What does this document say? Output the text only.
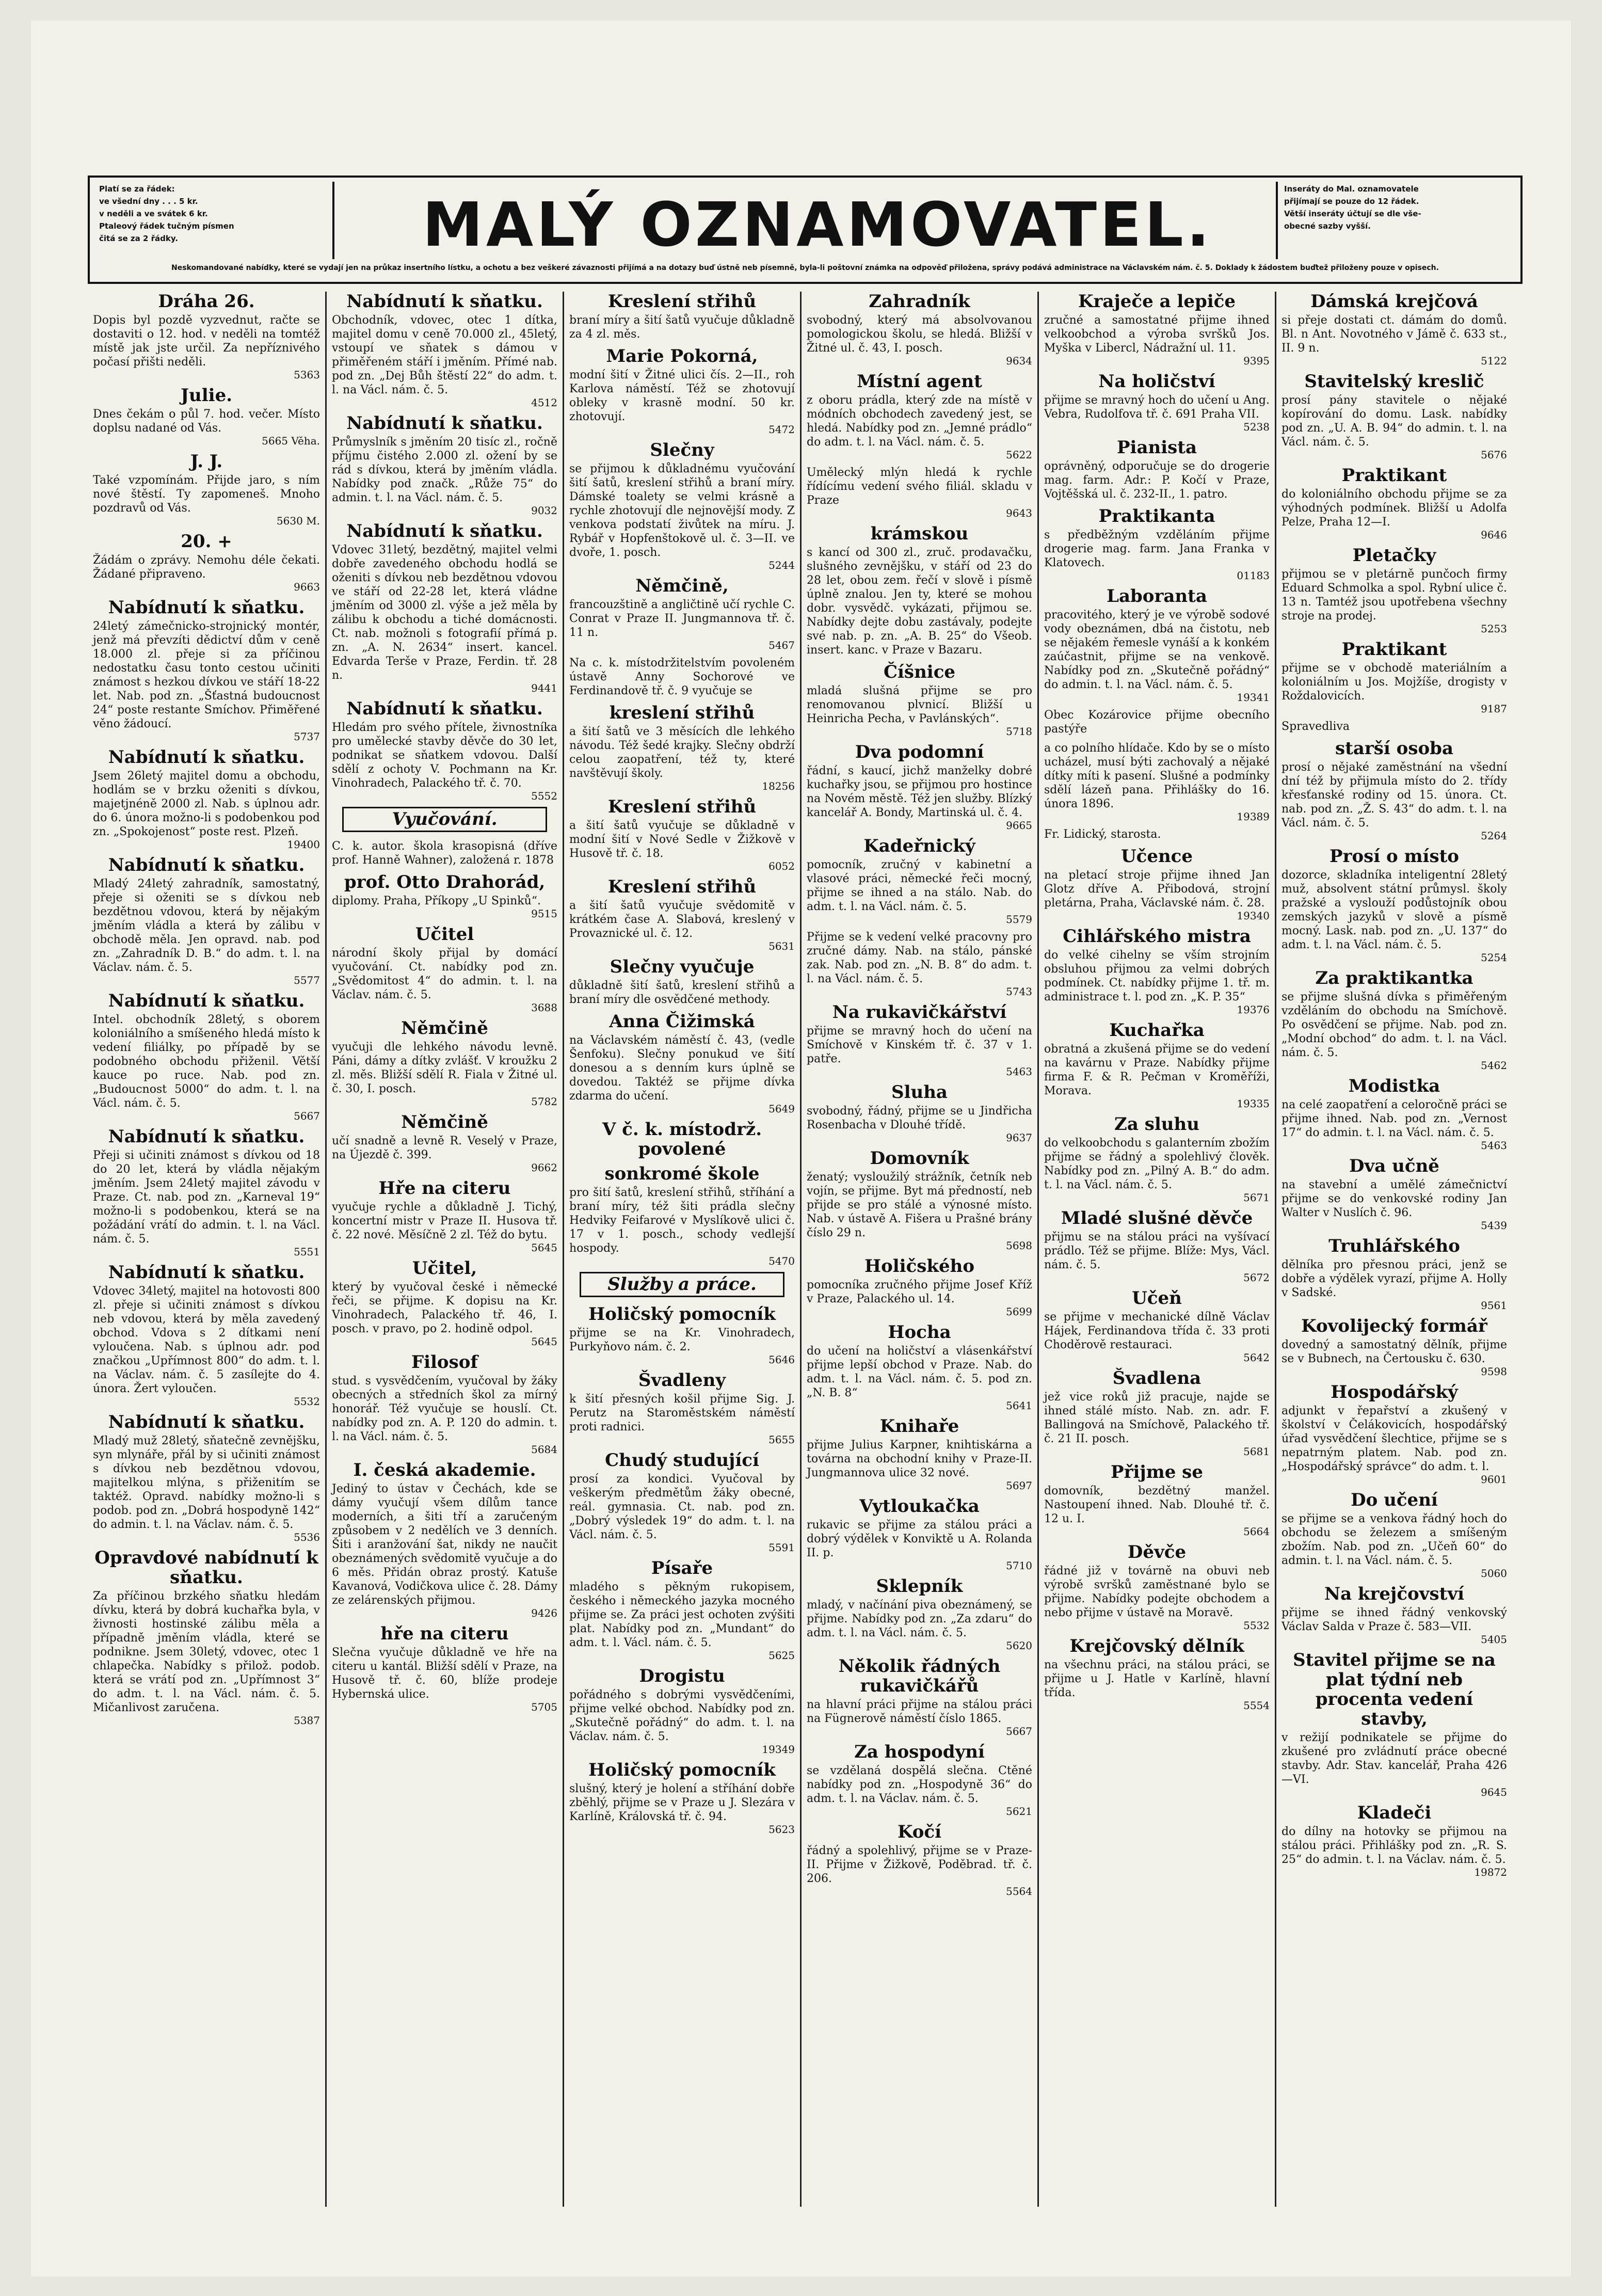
Platí se za řádek:
ve všední dny . . . 5 kr.
v neděli a ve svátek 6 kr.
Ptaleový řádek tučným písmen
čitá se za 2 řádky.	MALÝ OZNAMOVATEL.	Inseráty do Mal. oznamovatele
přijímají se pouze do 12 řádek.
Větší inseráty účtují se dle vše-
obecné sazby vyšší.
Neskomandované nabídky, které se vydají jen na průkaz insertního lístku, a ochotu a bez veškeré závaznosti přijímá a na dotazy buď ústně neb písemně, byla-li poštovní známka na odpověď přiložena, správy podává administrace na Václavském nám. č. 5. Doklady k žádostem buďtež přiloženy pouze v opisech.
Dráha 26.

Dopis byl pozdě vyzvednut, račte se dostaviti o 12. hod. v neděli na tomtéž místě jak jste určil. Za nepříznivého počasí přišti neděli.

5363

Julie.

Dnes čekám o půl 7. hod. večer. Místo doplsu nadané od Vás.

5665 Věha.

J. J.

Také vzpomínám. Přijde jaro, s ním nové štěstí. Ty zapomeneš. Mnoho pozdravů od Vás.

5630 M.

20. +

Žádám o zprávy. Nemohu déle čekati. Žádané připraveno.

9663

Nabídnutí k sňatku.

24letý zámečnicko-strojnický montér, jenž má převzíti dědictví dům v ceně 18.000 zl. přeje si za příčinou nedostatku času tonto cestou učiniti známost s hezkou dívkou ve stáří 18-22 let. Nab. pod zn. „Šťastná budoucnost 24“ poste restante Smíchov. Přiměřené věno žádoucí.

5737

Nabídnutí k sňatku.

Jsem 26letý majitel domu a obchodu, hodlám se v brzku oženiti s dívkou, majetjnéně 2000 zl. Nab. s úplnou adr. do 6. února možno-li s podobenkou pod zn. „Spokojenost“ poste rest. Plzeň.

19400

Nabídnutí k sňatku.

Mladý 24letý zahradník, samostatný, přeje si oženiti se s dívkou neb bezdětnou vdovou, která by nějakým jměním vládla a která by zálibu v obchodě měla. Jen opravd. nab. pod zn. „Zahradník D. B.“ do adm. t. l. na Václav. nám. č. 5.

5577

Nabídnutí k sňatku.

Intel. obchodník 28letý, s oborem koloniálního a smíšeného hledá místo k vedení filiálky, po případě by se podobného obchodu přiženil. Větší kauce po ruce. Nab. pod zn. „Budoucnost 5000“ do adm. t. l. na Václ. nám. č. 5.

5667

Nabídnutí k sňatku.

Přeji si učiniti známost s dívkou od 18 do 20 let, která by vládla nějakým jměním. Jsem 24letý majitel závodu v Praze. Ct. nab. pod zn. „Karneval 19“ možno-li s podobenkou, která se na požádání vrátí do admin. t. l. na Václ. nám. č. 5.

5551

Nabídnutí k sňatku.

Vdovec 34letý, majitel na hotovosti 800 zl. přeje si učiniti známost s dívkou neb vdovou, která by měla zavedený obchod. Vdova s 2 dítkami není vyloučena. Nab. s úplnou adr. pod značkou „Upřímnost 800“ do adm. t. l. na Václav. nám. č. 5 zasílejte do 4. února. Žert vyloučen.

5532

Nabídnutí k sňatku.

Mladý muž 28letý, sňatečně zevnějšku, syn mlynáře, přál by si učiniti známost s dívkou neb bezdětnou vdovou, majitelkou mlýna, s přiženitím se taktéž. Opravd. nabídky možno-li s podob. pod zn. „Dobrá hospodyně 142“ do admin. t. l. na Václav. nám. č. 5.

5536

Opravdové nabídnutí k sňatku.

Za příčinou brzkého sňatku hledám dívku, která by dobrá kuchařka byla, v živnosti hostinské zálibu měla a případně jměním vládla, které se podnikne. Jsem 30letý, vdovec, otec 1 chlapečka. Nabídky s přilož. podob. která se vrátí pod zn. „Upřímnost 3“ do adm. t. l. na Václ. nám. č. 5. Mičanlivost zaručena.

5387

Nabídnutí k sňatku.

Obchodník, vdovec, otec 1 dítka, majitel domu v ceně 70.000 zl., 45letý, vstoupí ve sňatek s dámou v přiměřeném stáří i jměním. Přímé nab. pod zn. „Dej Bůh štěstí 22“ do adm. t. l. na Václ. nám. č. 5.

4512

Nabídnutí k sňatku.

Průmyslník s jměním 20 tisíc zl., ročně příjmu čistého 2.000 zl. ožení by se rád s dívkou, která by jměním vládla. Nabídky pod značk. „Růže 75“ do admin. t. l. na Václ. nám. č. 5.

9032

Nabídnutí k sňatku.

Vdovec 31letý, bezdětný, majitel velmi dobře zavedeného obchodu hodlá se oženiti s dívkou neb bezdětnou vdovou ve stáří od 22-28 let, která vládne jměním od 3000 zl. výše a jež měla by zálibu k obchodu a tiché domácnosti. Ct. nab. možnoli s fotografií přímá p. zn. „A. N. 2634“ insert. kancel. Edvarda Terše v Praze, Ferdin. tř. 28 n.

9441

Nabídnutí k sňatku.

Hledám pro svého přítele, živnostníka pro umělecké stavby děvče do 30 let, podnikat se sňatkem vdovou. Další sdělí z ochoty V. Pochmann na Kr. Vinohradech, Palackého tř. č. 70.

5552

Vyučování.

C. k. autor. škola krasopisná (dříve prof. Hanně Wahner), založená r. 1878

prof. Otto Drahorád,

diplomy. Praha, Příkopy „U Spinků“.

9515

Učitel

národní školy přijal by domácí vyučování. Ct. nabídky pod zn. „Svědomitost 4“ do admin. t. l. na Václav. nám. č. 5.

3688

Němčině

vyučuji dle lehkého návodu levně. Páni, dámy a dítky zvlášť. V kroužku 2 zl. měs. Bližší sdělí R. Fiala v Žitné ul. č. 30, I. posch.

5782

Němčině

učí snadně a levně R. Veselý v Praze, na Újezdě č. 399.

9662

Hře na citeru

vyučuje rychle a důkladně J. Tichý, koncertní mistr v Praze II. Husova tř. č. 22 nové. Měsíčně 2 zl. Též do bytu.

5645

Učitel,

který by vyučoval české i německé řeči, se přijme. K dopisu na Kr. Vinohradech, Palackého tř. 46, I. posch. v pravo, po 2. hodině odpol.

5645

Filosof

stud. s vysvědčením, vyučoval by žáky obecných a středních škol za mírný honorář. Též vyučuje se houslí. Ct. nabídky pod zn. A. P. 120 do admin. t. l. na Václ. nám. č. 5.

5684

I. česká akademie.

Jediný to ústav v Čechách, kde se dámy vyučují všem dílům tance moderních, a šiti tří a zaručeným způsobem v 2 nedělích ve 3 denních. Šiti i aranžování šat, nikdy ne naučit obeznámených svědomitě vyučuje a do 6 měs. Přidán obraz prostý. Katuše Kavanová, Vodičkova ulice č. 28. Dámy ze zelárenských přijmou.

9426

hře na citeru

Slečna vyučuje důkladně ve hře na citeru u kantál. Bližší sdělí v Praze, na Husově tř. č. 60, blíže prodeje Hybernská ulice.

5705

Kreslení střihů

braní míry a šití šatů vyučuje důkladně za 4 zl. měs.

Marie Pokorná,

modní šití v Žitné ulici čís. 2—II., roh Karlova náměstí. Též se zhotovují obleky v krasně modní. 50 kr. zhotovují.

5472

Slečny

se přijmou k důkladnému vyučování šití šatů, kreslení střihů a braní míry. Dámské toalety se velmi krásně a rychle zhotovují dle nejnovější mody. Z venkova podstatí živůtek na míru. J. Rybář v Hopfenštokově ul. č. 3—II. ve dvoře, 1. posch.

5244

Němčině,

francouzštině a angličtině učí rychle C. Conrat v Praze II. Jungmannova tř. č. 11 n.

5467

Na c. k. místodržitelstvím povoleném ústavě Anny Sochorové ve Ferdinandově tř. č. 9 vyučuje se

kreslení střihů

a šití šatů ve 3 měsících dle lehkého návodu. Též šedé krajky. Slečny obdrží celou zaopatření, též ty, které navštěvují školy.

18256

Kreslení střihů

a šití šatů vyučuje se důkladně v modní šití v Nové Sedle v Žižkově v Husově tř. č. 18.

6052

Kreslení střihů

a šití šatů vyučuje svědomitě v krátkém čase A. Slabová, kreslený v Provaznické ul. č. 12.

5631

Slečny vyučuje

důkladně šití šatů, kreslení střihů a braní míry dle osvědčené methody.

Anna Čižimská

na Václavském náměstí č. 43, (vedle Šenfoku). Slečny ponukud ve šití donesou a s denním kurs úplně se dovedou. Taktéž se přijme dívka zdarma do učení.

5649

V č. k. místodrž. povolené
sonkromé škole

pro šití šatů, kreslení střihů, stříhání a braní míry, též šiti prádla slečny Hedviky Feifarové v Myslíkově ulici č. 17 v 1. posch., schody vedlejší hospody.

5470

Služby a práce.
Holičský pomocník

přijme se na Kr. Vinohradech, Purkyňovo nám. č. 2.

5646

Švadleny

k šití přesných košil přijme Sig. J. Perutz na Staroměstském náměstí proti radnici.

5655

Chudý studující

prosí za kondici. Vyučoval by veškerým předmětům žáky obecné, reál. gymnasia. Ct. nab. pod zn. „Dobrý výsledek 19“ do adm. t. l. na Václ. nám. č. 5.

5591

Písaře

mladého s pěkným rukopisem, českého i německého jazyka mocného přijme se. Za práci jest ochoten zvýšiti plat. Nabídky pod zn. „Mundant“ do adm. t. l. Václ. nám. č. 5.

5625

Drogistu

pořádného s dobrými vysvědčeními, přijme velké obchod. Nabídky pod zn. „Skutečně pořádný“ do adm. t. l. na Václav. nám. č. 5.

19349

Holičský pomocník

slušný, který je holení a stříhání dobře zběhlý, přijme se v Praze u J. Slezára v Karlíně, Královská tř. č. 94.

5623

Zahradník

svobodný, který má absolvovanou pomologickou školu, se hledá. Bližší v Žitné ul. č. 43, I. posch.

9634

Místní agent

z oboru prádla, který zde na místě v módních obchodech zavedený jest, se hledá. Nabídky pod zn. „Jemné prádlo“ do adm. t. l. na Václ. nám. č. 5.

5622

Umělecký mlýn hledá k rychle řídícímu vedení svého filiál. skladu v Praze

9643

krámskou

s kancí od 300 zl., zruč. prodavačku, slušného zevnějšku, v stáří od 23 do 28 let, obou zem. řečí v slově i písmě úplně znalou. Jen ty, které se mohou dobr. vysvědč. vykázati, přijmou se. Nabídky dejte dobu zastávaly, podejte své nab. p. zn. „A. B. 25“ do Všeob. insert. kanc. v Praze v Bazaru.

Číšnice

mladá slušná přijme se pro renomovanou plvnicí. Bližší u Heinricha Pecha, v Pavlánských“.

5718

Dva podomní

řádní, s kaucí, jichž manželky dobré kuchařky jsou, se přijmou pro hostince na Novém městě. Též jen služby. Blízký kancelář A. Bondy, Martinská ul. č. 4.

9665

Kadeřnický

pomocník, zručný v kabinetní a vlasové práci, německé řeči mocný, přijme se ihned a na stálo. Nab. do adm. t. l. na Václ. nám. č. 5.

5579

Přijme se k vedení velké pracovny pro zručné dámy. Nab. na stálo, pánské zak. Nab. pod zn. „N. B. 8“ do adm. t. l. na Václ. nám. č. 5.

5743

Na rukavičkářství

přijme se mravný hoch do učení na Smíchově v Kinském tř. č. 37 v 1. patře.

5463

Sluha

svobodný, řádný, přijme se u Jindřicha Rosenbacha v Dlouhé třídě.

9637

Domovník

ženatý; vysloužilý strážník, četník neb vojín, se přijme. Byt má předností, neb přijde se pro stálé a výnosné místo. Nab. v ústavě A. Fišera u Prašné brány číslo 29 n.

5698

Holičského

pomocníka zručného přijme Josef Kříž v Praze, Palackého ul. 14.

5699

Hocha

do učení na holičství a vlásenkářství přijme lepší obchod v Praze. Nab. do adm. t. l. na Václ. nám. č. 5. pod zn. „N. B. 8“

5641

Knihaře

přijme Julius Karpner, knihtiskárna a továrna na obchodní knihy v Praze-II. Jungmannova ulice 32 nové.

5697

Vytloukačka

rukavic se přijme za stálou práci a dobrý výdělek v Konviktě u A. Rolanda II. p.

5710

Sklepník

mladý, v načínání piva obeznámený, se přijme. Nabídky pod zn. „Za zdaru“ do adm. t. l. na Václ. nám. č. 5.

5620

Několik řádných rukavičkářů

na hlavní práci přijme na stálou práci na Fügnerově náměstí číslo 1865.

5667

Za hospodyní

se vzdělaná dospělá slečna. Ctěné nabídky pod zn. „Hospodyně 36“ do adm. t. l. na Václav. nám. č. 5.

5621

Kočí

řádný a spolehlivý, přijme se v Praze-II. Přijme v Žižkově, Poděbrad. tř. č. 206.

5564

Kraječe a lepiče

zručné a samostatné přijme ihned velkoobchod a výroba svršků Jos. Myška v Libercl, Nádražní ul. 11.

9395

Na holičství

přijme se mravný hoch do učení u Ang. Vebra, Rudolfova tř. č. 691 Praha VII.

5238

Pianista

oprávněný, odporučuje se do drogerie mag. farm. Adr.: P. Kočí v Praze, Vojtěšská ul. č. 232-II., 1. patro.

Praktikanta

s předběžným vzděláním přijme drogerie mag. farm. Jana Franka v Klatovech.

01183

Laboranta

pracovitého, který je ve výrobě sodové vody obeznámen, dbá na čistotu, neb se nějakém řemesle vynáší a k konkém zaúčastnit, přijme se na venkově. Nabídky pod zn. „Skutečně pořádný“ do admin. t. l. na Václ. nám. č. 5.

19341

Obec Kozárovice přijme obecního pastýře

a co polního hlídače. Kdo by se o místo ucházel, musí býti zachovalý a nějaké dítky míti k pasení. Slušné a podmínky sdělí lázeň pana. Přihlášky do 16. února 1896.

19389

Fr. Lidický, starosta.

Učence

na pletací stroje přijme ihned Jan Glotz dříve A. Přibodová, strojní pletárna, Praha, Václavské nám. č. 28.

19340

Cihlářského mistra

do velké cihelny se vším strojním obsluhou přijmou za velmi dobrých podmínek. Ct. nabídky přijme 1. tř. m. administrace t. l. pod zn. „K. P. 35“

19376

Kuchařka

obratná a zkušená přijme se do vedení na kavárnu v Praze. Nabídky přijme firma F. & R. Pečman v Kroměříži, Morava.

19335

Za sluhu

do velkoobchodu s galanterním zbožím přijme se řádný a spolehlivý člověk. Nabídky pod zn. „Pilný A. B.“ do adm. t. l. na Václ. nám. č. 5.

5671

Mladé slušné děvče

přijmu se na stálou práci na vyšívací prádlo. Též se přijme. Blíže: Mys, Václ. nám. č. 5.

5672

Učeň

se přijme v mechanické dílně Václav Hájek, Ferdinandova třída č. 33 proti Choděrově restauraci.

5642

Švadlena

jež vice roků již pracuje, najde se ihned stálé místo. Nab. zn. adr. F. Ballingová na Smíchově, Palackého tř. č. 21 II. posch.

5681

Přijme se

domovník, bezdětný manžel. Nastoupení ihned. Nab. Dlouhé tř. č. 12 u. I.

5664

Děvče

řádné již v továrně na obuvi neb výrobě svršků zaměstnané bylo se přijme. Nabídky podejte obchodem a nebo přijme v ústavě na Moravě.

5532

Krejčovský dělník

na všechnu práci, na stálou práci, se přijme u J. Hatle v Karlíně, hlavní třída.

5554

Dámská krejčová

si přeje dostati ct. dámám do domů. Bl. n Ant. Novotného v Jámě č. 633 st., II. 9 n.

5122

Stavitelský kreslič

prosí pány stavitele o nějaké kopírování do domu. Lask. nabídky pod zn. „U. A. B. 94“ do admin. t. l. na Václ. nám. č. 5.

5676

Praktikant

do koloniálního obchodu přijme se za výhodných podmínek. Bližší u Adolfa Pelze, Praha 12—I.

9646

Pletačky

přijmou se v pletárně punčoch firmy Eduard Schmolka a spol. Rybní ulice č. 13 n. Tamtéž jsou upotřebena všechny stroje na prodej.

5253

Praktikant

přijme se v obchodě materiálním a koloniálním u Jos. Mojžíše, drogisty v Roždalovicích.

9187

Spravedliva

starší osoba

prosí o nějaké zaměstnání na všední dní též by přijmula místo do 2. třídy křesťanské rodiny od 15. února. Ct. nab. pod zn. „Ž. S. 43“ do adm. t. l. na Václ. nám. č. 5.

5264

Prosí o místo

dozorce, skladníka inteligentní 28letý muž, absolvent státní průmysl. školy pražské a vyslouží podůstojník obou zemských jazyků v slově a písmě mocný. Lask. nab. pod zn. „U. 137“ do adm. t. l. na Václ. nám. č. 5.

5254

Za praktikantka

se přijme slušná dívka s přiměřeným vzděláním do obchodu na Smíchově. Po osvědčení se přijme. Nab. pod zn. „Modní obchod“ do adm. t. l. na Václ. nám. č. 5.

5462

Modistka

na celé zaopatření a celoročně práci se přijme ihned. Nab. pod zn. „Vernost 17“ do admin. t. l. na Václ. nám. č. 5.

5463

Dva učně

na stavební a umělé zámečnictví přijme se do venkovské rodiny Jan Walter v Nuslích č. 96.

5439

Truhlářského

dělníka pro přesnou práci, jenž se dobře a výdělek vyrazí, přijme A. Holly v Sadské.

9561

Kovolijecký formář

dovedný a samostatný dělník, přijme se v Bubnech, na Čertousku č. 630.

9598

Hospodářský

adjunkt v řepařství a zkušený v školství v Čelákovicích, hospodářský úřad vysvědčení šlechtice, přijme se s nepatrným platem. Nab. pod zn. „Hospodářský správce“ do adm. t. l.

9601

Do učení

se přijme se a venkova řádný hoch do obchodu se železem a smíšeným zbožím. Nab. pod zn. „Učeň 60“ do admin. t. l. na Václ. nám. č. 5.

5060

Na krejčovství

přijme se ihned řádný venkovský Václav Salda v Praze č. 583—VII.

5405

Stavitel přijme se na plat týdní neb procenta vedení stavby,

v režijí podnikatele se přijme do zkušené pro zvládnutí práce obecné stavby. Adr. Stav. kancelář, Praha 426—VI.

9645

Kladeči

do dílny na hotovky se přijmou na stálou práci. Přihlášky pod zn. „R. S. 25“ do admin. t. l. na Václav. nám. č. 5.

19872
